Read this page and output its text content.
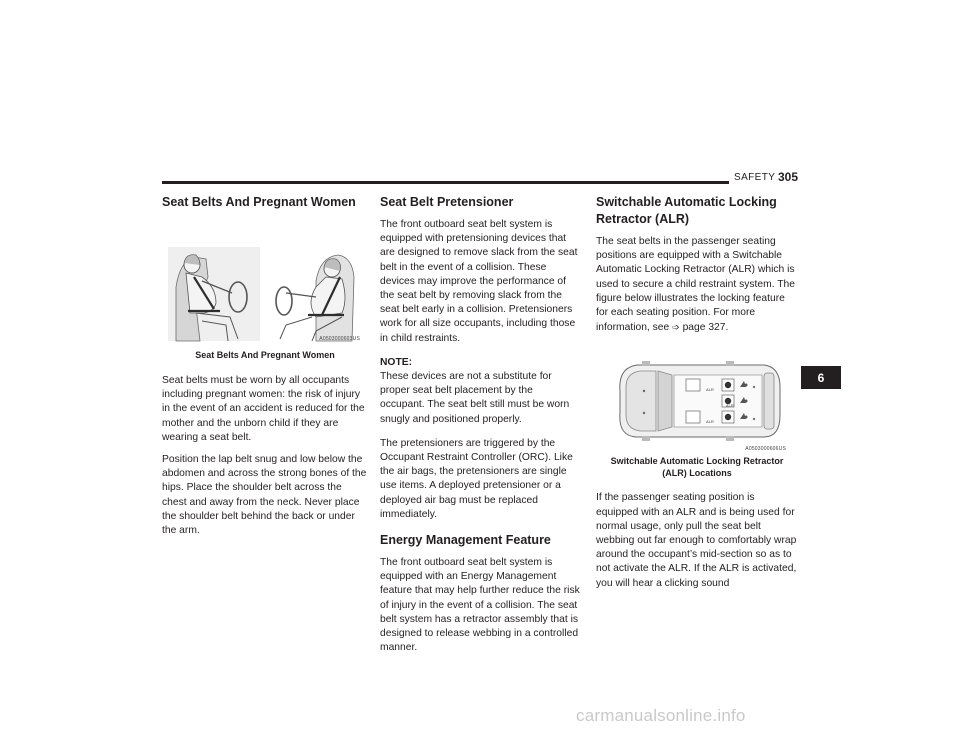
SAFETY 305
Seat Belts And Pregnant Women
A0503000603US
Seat Belts And Pregnant Women

Seat belts must be worn by all occupants including pregnant women: the risk of injury in the event of an accident is reduced for the mother and the unborn child if they are wearing a seat belt.

Position the lap belt snug and low below the abdomen and across the strong bones of the hips. Place the shoulder belt across the chest and away from the neck. Never place the shoulder belt behind the back or under the arm.

Seat Belt Pretensioner

The front outboard seat belt system is equipped with pretensioning devices that are designed to remove slack from the seat belt in the event of a collision. These devices may improve the performance of the seat belt by removing slack from the seat belt early in a collision. Pretensioners work for all size occupants, including those in child restraints.

NOTE:
These devices are not a substitute for proper seat belt placement by the occupant. The seat belt still must be worn snugly and positioned properly.

The pretensioners are triggered by the Occupant Restraint Controller (ORC). Like the air bags, the pretensioners are single use items. A deployed pretensioner or a deployed air bag must be replaced immediately.

Energy Management Feature

The front outboard seat belt system is equipped with an Energy Management feature that may help further reduce the risk of injury in the event of a collision. The seat belt system has a retractor assembly that is designed to release webbing in a controlled manner.

Switchable Automatic Locking Retractor (ALR)

The seat belts in the passenger seating positions are equipped with a Switchable Automatic Locking Retractor (ALR) which is used to secure a child restraint system. The figure below illustrates the locking feature for each seating position. For more information, see ➩ page 327.

ALR
ALR
ALR
A0503000606US
Switchable Automatic Locking Retractor (ALR) Locations

If the passenger seating position is equipped with an ALR and is being used for normal usage, only pull the seat belt webbing out far enough to comfortably wrap around the occupant’s mid-section so as to not activate the ALR. If the ALR is activated, you will hear a clicking sound

6
carmanualsonline.info
